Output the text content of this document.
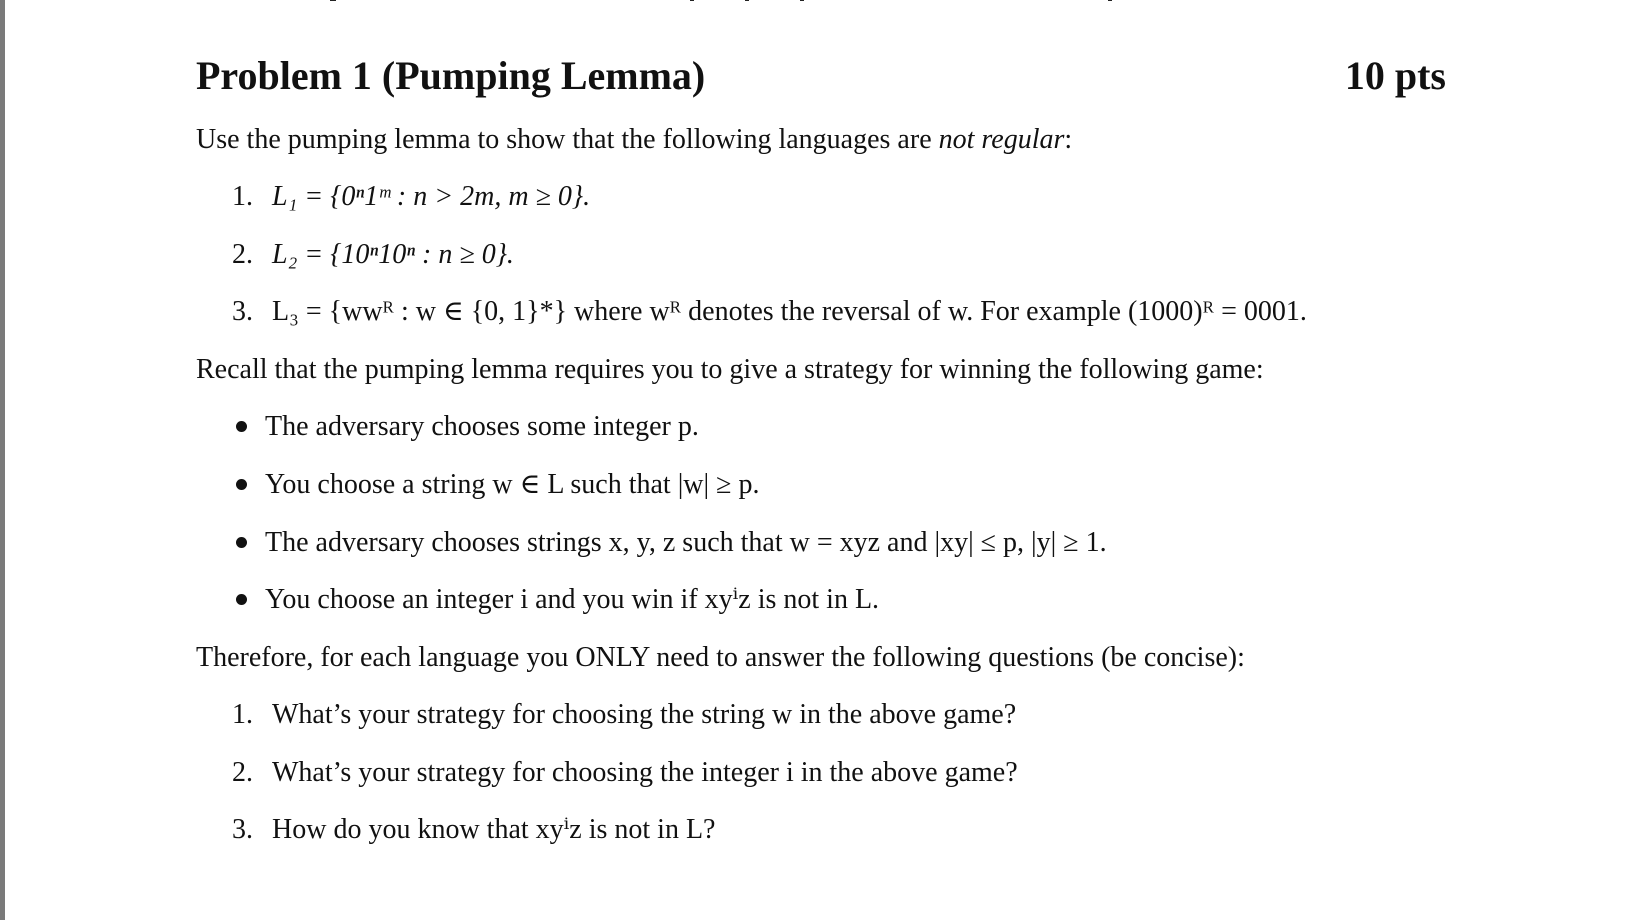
Problem 1 (Pumping Lemma)	10 pts
Use the pumping lemma to show that the following languages are not regular:
1. L₁ = {0ⁿ1ᵐ : n > 2m, m ≥ 0}.
2. L₂ = {10ⁿ10ⁿ : n ≥ 0}.
3. L₃ = {wwᴿ : w ∈ {0, 1}*} where wᴿ denotes the reversal of w. For example (1000)ᴿ = 0001.
Recall that the pumping lemma requires you to give a strategy for winning the following game:
The adversary chooses some integer p.
You choose a string w ∈ L such that |w| ≥ p.
The adversary chooses strings x, y, z such that w = xyz and |xy| ≤ p, |y| ≥ 1.
You choose an integer i and you win if xyⁱz is not in L.
Therefore, for each language you ONLY need to answer the following questions (be concise):
1. What’s your strategy for choosing the string w in the above game?
2. What’s your strategy for choosing the integer i in the above game?
3. How do you know that xyⁱz is not in L?
